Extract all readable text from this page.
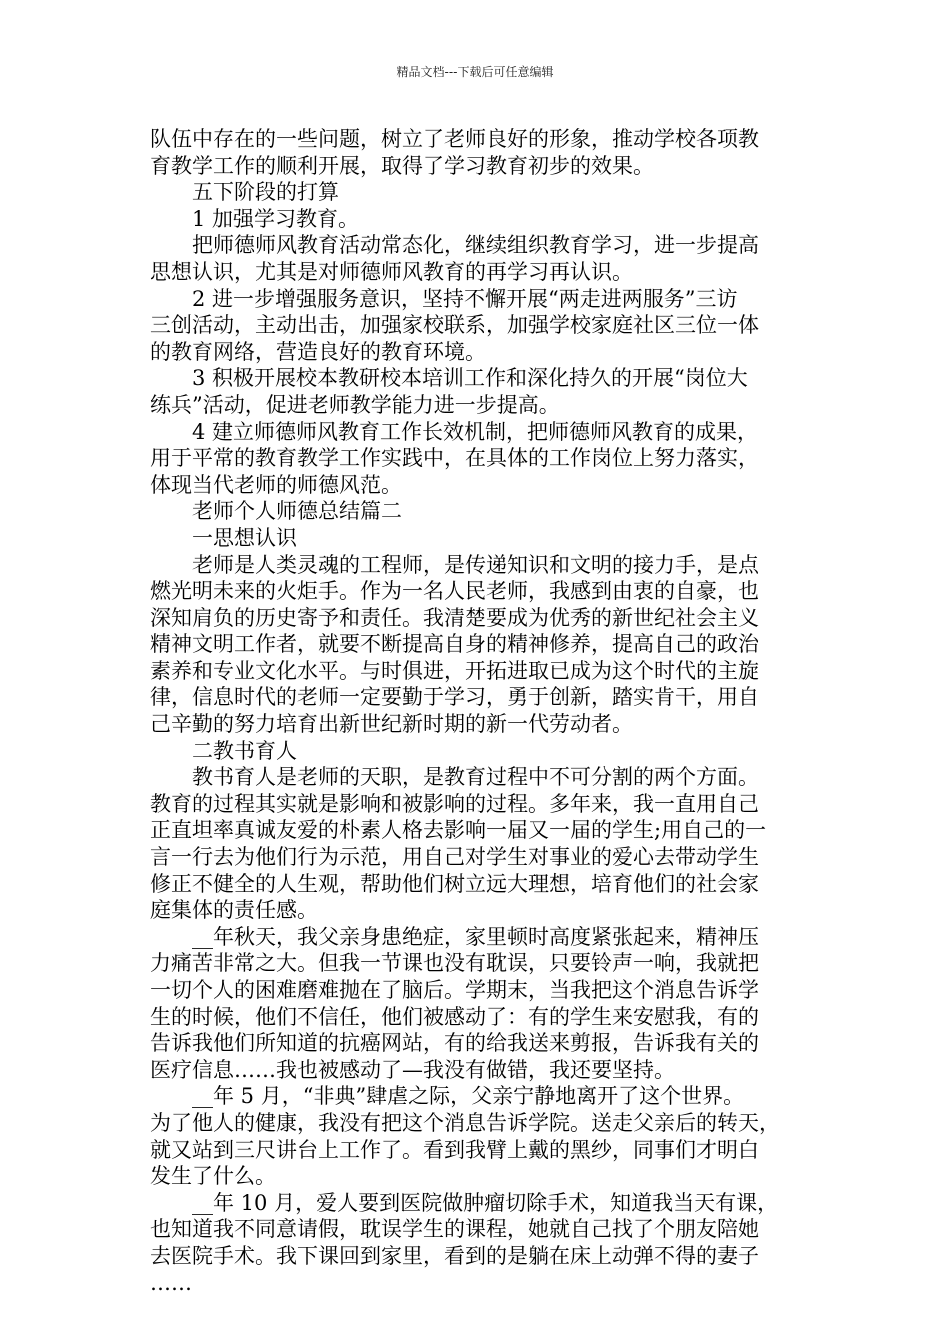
精品文档---下载后可任意编辑
队伍中存在的一些问题，树立了老师良好的形象，推动学校各项教
育教学工作的顺利开展，取得了学习教育初步的效果。
五下阶段的打算
1 加强学习教育。
把师德师风教育活动常态化，继续组织教育学习，进一步提高
思想认识，尤其是对师德师风教育的再学习再认识。
2 进一步增强服务意识，坚持不懈开展“两走进两服务”三访
三创活动，主动出击，加强家校联系，加强学校家庭社区三位一体
的教育网络，营造良好的教育环境。
3 积极开展校本教研校本培训工作和深化持久的开展“岗位大
练兵”活动，促进老师教学能力进一步提高。
4 建立师德师风教育工作长效机制，把师德师风教育的成果，
用于平常的教育教学工作实践中，在具体的工作岗位上努力落实，
体现当代老师的师德风范。
老师个人师德总结篇二
一思想认识
老师是人类灵魂的工程师，是传递知识和文明的接力手，是点
燃光明未来的火炬手。作为一名人民老师，我感到由衷的自豪，也
深知肩负的历史寄予和责任。我清楚要成为优秀的新世纪社会主义
精神文明工作者，就要不断提高自身的精神修养，提高自己的政治
素养和专业文化水平。与时俱进，开拓进取已成为这个时代的主旋
律，信息时代的老师一定要勤于学习，勇于创新，踏实肯干，用自
己辛勤的努力培育出新世纪新时期的新一代劳动者。
二教书育人
教书育人是老师的天职，是教育过程中不可分割的两个方面。
教育的过程其实就是影响和被影响的过程。多年来，我一直用自己
正直坦率真诚友爱的朴素人格去影响一届又一届的学生;用自己的一
言一行去为他们行为示范，用自己对学生对事业的爱心去带动学生
修正不健全的人生观，帮助他们树立远大理想，培育他们的社会家
庭集体的责任感。
__年秋天，我父亲身患绝症，家里顿时高度紧张起来，精神压
力痛苦非常之大。但我一节课也没有耽误，只要铃声一响，我就把
一切个人的困难磨难抛在了脑后。学期末，当我把这个消息告诉学
生的时候，他们不信任，他们被感动了：有的学生来安慰我，有的
告诉我他们所知道的抗癌网站，有的给我送来剪报，告诉我有关的
医疗信息……我也被感动了—我没有做错，我还要坚持。
__年 5 月，“非典”肆虐之际，父亲宁静地离开了这个世界。
为了他人的健康，我没有把这个消息告诉学院。送走父亲后的转天，
就又站到三尺讲台上工作了。看到我臂上戴的黑纱，同事们才明白
发生了什么。
__年 10 月，爱人要到医院做肿瘤切除手术，知道我当天有课，
也知道我不同意请假，耽误学生的课程，她就自己找了个朋友陪她
去医院手术。我下课回到家里，看到的是躺在床上动弹不得的妻子
……
